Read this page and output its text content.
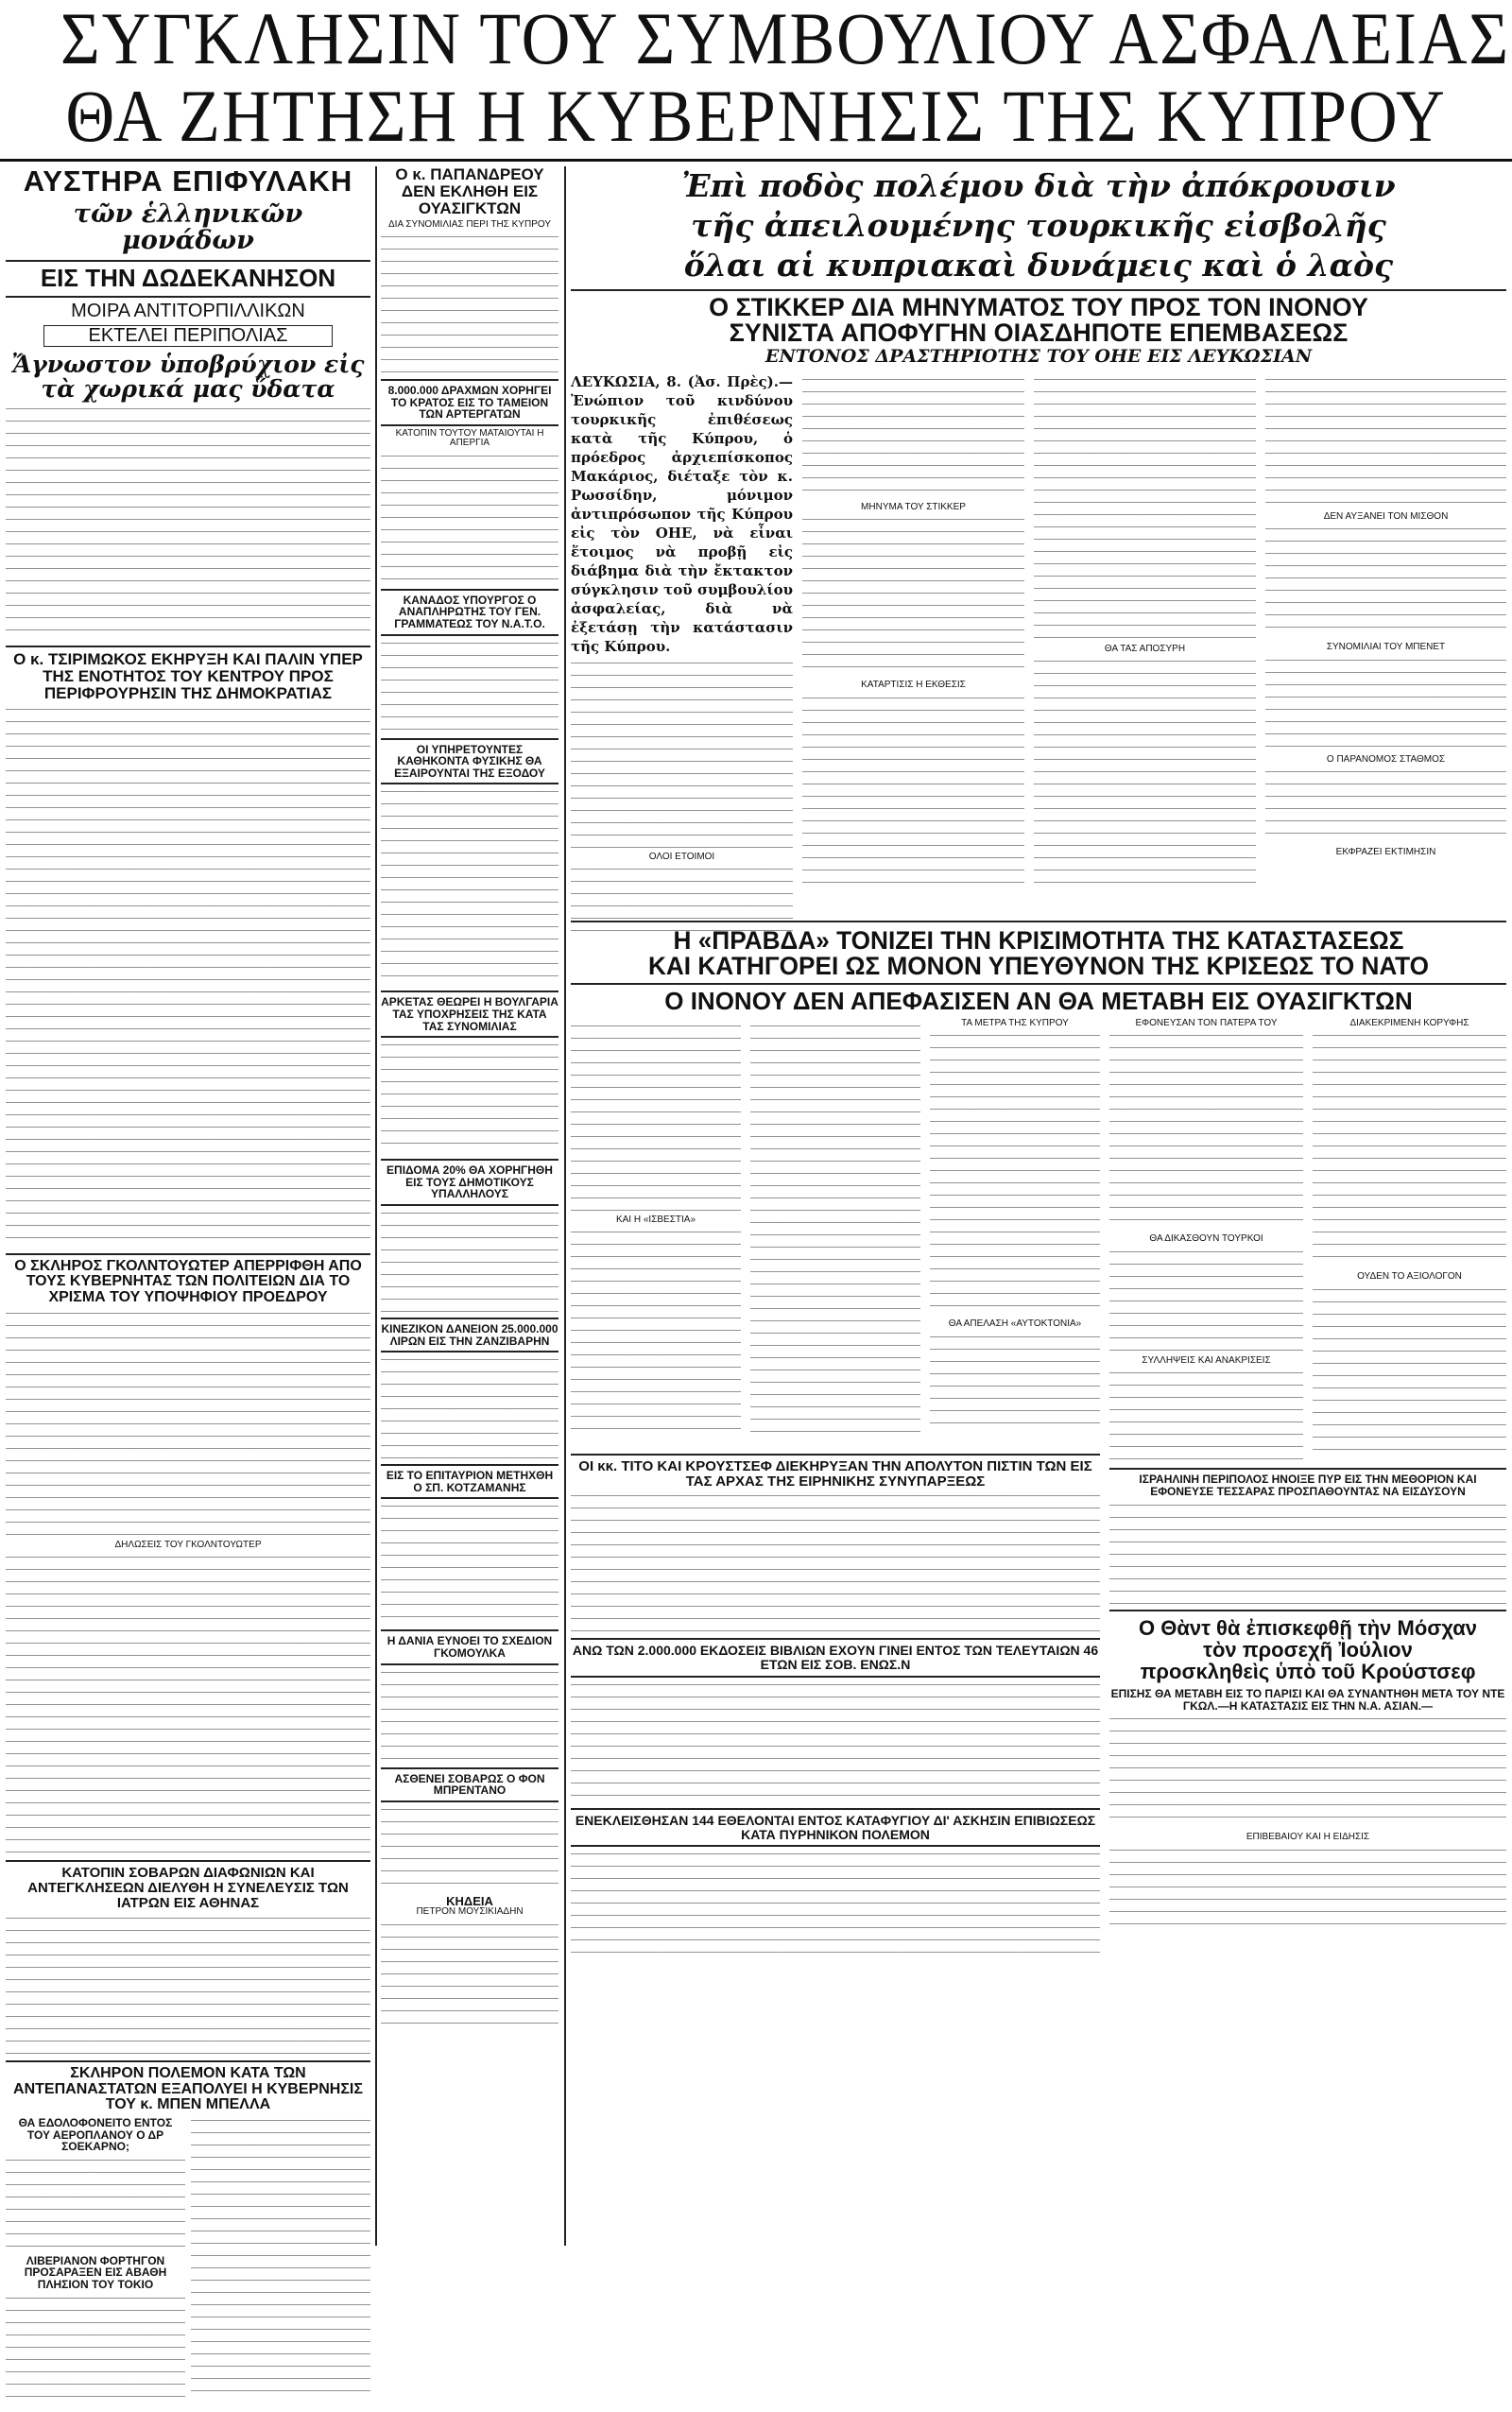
ΣΥΓΚΛΗΣΙΝ ΤΟΥ ΣΥΜΒΟΥΛΙΟΥ ΑΣΦΑΛΕΙΑΣ
ΘΑ ΖΗΤΗΣΗ Η ΚΥΒΕΡΝΗΣΙΣ ΤΗΣ ΚΥΠΡΟΥ
ΑΥΣΤΗΡΑ ΕΠΙΦΥΛΑΚΗ
τῶν ἑλληνικῶν μονάδων
ΕΙΣ ΤΗΝ ΔΩΔΕΚΑΝΗΣΟΝ
ΜΟΙΡΑ ΑΝΤΙΤΟΡΠΙΛΛΙΚΩΝ
ΕΚΤΕΛΕΙ ΠΕΡΙΠΟΛΙΑΣ
Ἄγνωστον ὑποβρύχιον εἰς τὰ χωρικά μας ὕδατα
Ο κ. ΤΣΙΡΙΜΩΚΟΣ ΕΚΗΡΥΞΗ ΚΑΙ ΠΑΛΙΝ ΥΠΕΡ ΤΗΣ ΕΝΟΤΗΤΟΣ ΤΟΥ ΚΕΝΤΡΟΥ ΠΡΟΣ ΠΕΡΙΦΡΟΥΡΗΣΙΝ ΤΗΣ ΔΗΜΟΚΡΑΤΙΑΣ
Ο ΣΚΛΗΡΟΣ ΓΚΟΛΝΤΟΥΩΤΕΡ ΑΠΕΡΡΙΦΘΗ ΑΠΟ ΤΟΥΣ ΚΥΒΕΡΝΗΤΑΣ ΤΩΝ ΠΟΛΙΤΕΙΩΝ ΔΙΑ ΤΟ ΧΡΙΣΜΑ ΤΟΥ ΥΠΟΨΗΦΙΟΥ ΠΡΟΕΔΡΟΥ
ΔΗΛΩΣΕΙΣ ΤΟΥ ΓΚΟΛΝΤΟΥΩΤΕΡ
ΚΑΤΟΠΙΝ ΣΟΒΑΡΩΝ ΔΙΑΦΩΝΙΩΝ ΚΑΙ ΑΝΤΕΓΚΛΗΣΕΩΝ ΔΙΕΛΥΘΗ Η ΣΥΝΕΛΕΥΣΙΣ ΤΩΝ ΙΑΤΡΩΝ ΕΙΣ ΑΘΗΝΑΣ
ΣΚΛΗΡΟΝ ΠΟΛΕΜΟΝ ΚΑΤΑ ΤΩΝ ΑΝΤΕΠΑΝΑΣΤΑΤΩΝ ΕΞΑΠΟΛΥΕΙ Η ΚΥΒΕΡΝΗΣΙΣ ΤΟΥ κ. ΜΠΕΝ ΜΠΕΛΛΑ
ΘΑ ΕΔΟΛΟΦΟΝΕΙΤΟ ΕΝΤΟΣ ΤΟΥ ΑΕΡΟΠΛΑΝΟΥ Ο ΔΡ ΣΟΕΚΑΡΝΟ;
ΛΙΒΕΡΙΑΝΟΝ ΦΟΡΤΗΓΟΝ ΠΡΟΣΑΡΑΞΕΝ ΕΙΣ ΑΒΑΘΗ ΠΛΗΣΙΟΝ ΤΟΥ ΤΟΚΙΟ
Ο κ. ΠΑΠΑΝΔΡΕΟΥ ΔΕΝ ΕΚΛΗΘΗ ΕΙΣ ΟΥΑΣΙΓΚΤΩΝ
ΔΙΑ ΣΥΝΟΜΙΛΙΑΣ ΠΕΡΙ ΤΗΣ ΚΥΠΡΟΥ
8.000.000 ΔΡΑΧΜΩΝ ΧΟΡΗΓΕΙ ΤΟ ΚΡΑΤΟΣ ΕΙΣ ΤΟ ΤΑΜΕΙΟΝ ΤΩΝ ΑΡΤΕΡΓΑΤΩΝ
ΚΑΤΟΠΙΝ ΤΟΥΤΟΥ ΜΑΤΑΙΟΥΤΑΙ Η ΑΠΕΡΓΙΑ
ΚΑΝΑΔΟΣ ΥΠΟΥΡΓΟΣ Ο ΑΝΑΠΛΗΡΩΤΗΣ ΤΟΥ ΓΕΝ. ΓΡΑΜΜΑΤΕΩΣ ΤΟΥ Ν.Α.Τ.Ο.
ΟΙ ΥΠΗΡΕΤΟΥΝΤΕΣ ΚΑΘΗΚΟΝΤΑ ΦΥΣΙΚΗΣ ΘΑ ΕΞΑΙΡΟΥΝΤΑΙ ΤΗΣ ΕΞΟΔΟΥ
ΑΡΚΕΤΑΣ ΘΕΩΡΕΙ Η ΒΟΥΛΓΑΡΙΑ ΤΑΣ ΥΠΟΧΡΗΣΕΙΣ ΤΗΣ ΚΑΤΑ ΤΑΣ ΣΥΝΟΜΙΛΙΑΣ
ΕΠΙΔΟΜΑ 20% ΘΑ ΧΟΡΗΓΗΘΗ ΕΙΣ ΤΟΥΣ ΔΗΜΟΤΙΚΟΥΣ ΥΠΑΛΛΗΛΟΥΣ
ΚΙΝΕΖΙΚΟΝ ΔΑΝΕΙΟΝ 25.000.000 ΛΙΡΩΝ ΕΙΣ ΤΗΝ ΖΑΝΖΙΒΑΡΗΝ
ΕΙΣ ΤΟ ΕΠΙΤΑΥΡΙΟΝ ΜΕΤΗΧΘΗ Ο ΣΠ. ΚΟΤΖΑΜΑΝΗΣ
Η ΔΑΝΙΑ ΕΥΝΟΕΙ ΤΟ ΣΧΕΔΙΟΝ ΓΚΟΜΟΥΛΚΑ
ΑΣΘΕΝΕΙ ΣΟΒΑΡΩΣ Ο ΦΟΝ ΜΠΡΕΝΤΑΝΟ
ΚΗΔΕΙΑ
ΠΕΤΡΟΝ ΜΟΥΣΙΚΙΑΔΗΝ
Ἐπὶ ποδὸς πολέμου διὰ τὴν ἀπόκρουσιν
τῆς ἀπειλουμένης τουρκικῆς εἰσβολῆς
ὅλαι αἱ κυπριακαὶ δυνάμεις καὶ ὁ λαὸς
Ο ΣΤΙΚΚΕΡ ΔΙΑ ΜΗΝΥΜΑΤΟΣ ΤΟΥ ΠΡΟΣ ΤΟΝ ΙΝΟΝΟΥ
ΣΥΝΙΣΤΑ ΑΠΟΦΥΓΗΝ ΟΙΑΣΔΗΠΟΤΕ ΕΠΕΜΒΑΣΕΩΣ
ΕΝΤΟΝΟΣ ΔΡΑΣΤΗΡΙΟΤΗΣ ΤΟΥ ΟΗΕ ΕΙΣ ΛΕΥΚΩΣΙΑΝ
ΛΕΥΚΩΣΙΑ, 8. (Ἀσ. Πρὲς).— Ἐνώπιον τοῦ κινδύνου τουρκικῆς ἐπιθέσεως κατὰ τῆς Κύπρου, ὁ πρόεδρος ἀρχιεπίσκοπος Μακάριος, διέταξε τὸν κ. Ρωσσίδην, μόνιμον ἀντιπρόσωπον τῆς Κύπρου εἰς τὸν ΟΗΕ, νὰ εἶναι ἕτοιμος νὰ προβῇ εἰς διάβημα διὰ τὴν ἔκτακτον σύγκλησιν τοῦ συμβουλίου ἀσφαλείας, διὰ νὰ ἐξετάσῃ τὴν κατάστασιν τῆς Κύπρου.
ΟΛΟΙ ΕΤΟΙΜΟΙ
ΜΗΝΥΜΑ ΤΟΥ ΣΤΙΚΚΕΡ
ΚΑΤΑΡΤΙΣΙΣ Η ΕΚΘΕΣΙΣ
ΘΑ ΤΑΣ ΑΠΟΣΥΡΗ
ΔΕΝ ΑΥΞΑΝΕΙ ΤΟΝ ΜΙΣΘΟΝ
ΣΥΝΟΜΙΛΙΑΙ ΤΟΥ ΜΠΕΝΕΤ
Ο ΠΑΡΑΝΟΜΟΣ ΣΤΑΘΜΟΣ
ΕΚΦΡΑΖΕΙ ΕΚΤΙΜΗΣΙΝ
Η «ΠΡΑΒΔΑ» ΤΟΝΙΖΕΙ ΤΗΝ ΚΡΙΣΙΜΟΤΗΤΑ ΤΗΣ ΚΑΤΑΣΤΑΣΕΩΣ
ΚΑΙ ΚΑΤΗΓΟΡΕΙ ΩΣ ΜΟΝΟΝ ΥΠΕΥΘΥΝΟΝ ΤΗΣ ΚΡΙΣΕΩΣ ΤΟ ΝΑΤΟ
Ο ΙΝΟΝΟΥ ΔΕΝ ΑΠΕΦΑΣΙΣΕΝ ΑΝ ΘΑ ΜΕΤΑΒΗ ΕΙΣ ΟΥΑΣΙΓΚΤΩΝ
ΚΑΙ Η «ΙΣΒΕΣΤΙΑ»
ΤΑ ΜΕΤΡΑ ΤΗΣ ΚΥΠΡΟΥ
ΘΑ ΑΠΕΛΑΣΗ «ΑΥΤΟΚΤΟΝΙΑ»
ΟΙ κκ. ΤΙΤΟ ΚΑΙ ΚΡΟΥΣΤΣΕΦ ΔΙΕΚΗΡΥΞΑΝ ΤΗΝ ΑΠΟΛΥΤΟΝ ΠΙΣΤΙΝ ΤΩΝ ΕΙΣ ΤΑΣ ΑΡΧΑΣ ΤΗΣ ΕΙΡΗΝΙΚΗΣ ΣΥΝΥΠΑΡΞΕΩΣ
ΑΝΩ ΤΩΝ 2.000.000 ΕΚΔΟΣΕΙΣ ΒΙΒΛΙΩΝ ΕΧΟΥΝ ΓΙΝΕΙ ΕΝΤΟΣ ΤΩΝ ΤΕΛΕΥΤΑΙΩΝ 46 ΕΤΩΝ ΕΙΣ ΣΟΒ. ΕΝΩΣ.Ν
ΕΝΕΚΛΕΙΣΘΗΣΑΝ 144 ΕΘΕΛΟΝΤΑΙ ΕΝΤΟΣ ΚΑΤΑΦΥΓΙΟΥ ΔΙ' ΑΣΚΗΣΙΝ ΕΠΙΒΙΩΣΕΩΣ ΚΑΤΑ ΠΥΡΗΝΙΚΟΝ ΠΟΛΕΜΟΝ
ΕΦΟΝΕΥΣΑΝ ΤΟΝ ΠΑΤΕΡΑ ΤΟΥ
ΘΑ ΔΙΚΑΣΘΟΥΝ ΤΟΥΡΚΟΙ
ΣΥΛΛΗΨΕΙΣ ΚΑΙ ΑΝΑΚΡΙΣΕΙΣ
ΔΙΑΚΕΚΡΙΜΕΝΗ ΚΟΡΥΦΗΣ
ΟΥΔΕΝ ΤΟ ΑΞΙΟΛΟΓΟΝ
ΙΣΡΑΗΛΙΝΗ ΠΕΡΙΠΟΛΟΣ ΗΝΟΙΞΕ ΠΥΡ ΕΙΣ ΤΗΝ ΜΕΘΟΡΙΟΝ ΚΑΙ ΕΦΟΝΕΥΣΕ ΤΕΣΣΑΡΑΣ ΠΡΟΣΠΑΘΟΥΝΤΑΣ ΝΑ ΕΙΣΔΥΣΟΥΝ
Ο Θὰντ θὰ ἐπισκεφθῇ τὴν Μόσχαν
τὸν προσεχῆ Ἰούλιον
προσκληθεὶς ὑπὸ τοῦ Κρούστσεφ
ΕΠΙΣΗΣ ΘΑ ΜΕΤΑΒΗ ΕΙΣ ΤΟ ΠΑΡΙΣΙ ΚΑΙ ΘΑ ΣΥΝΑΝΤΗΘΗ ΜΕΤΑ ΤΟΥ ΝΤΕ ΓΚΩΛ.—Η ΚΑΤΑΣΤΑΣΙΣ ΕΙΣ ΤΗΝ Ν.Α. ΑΣΙΑΝ.—
ΕΠΙΒΕΒΑΙΟΥ ΚΑΙ Η ΕΙΔΗΣΙΣ
